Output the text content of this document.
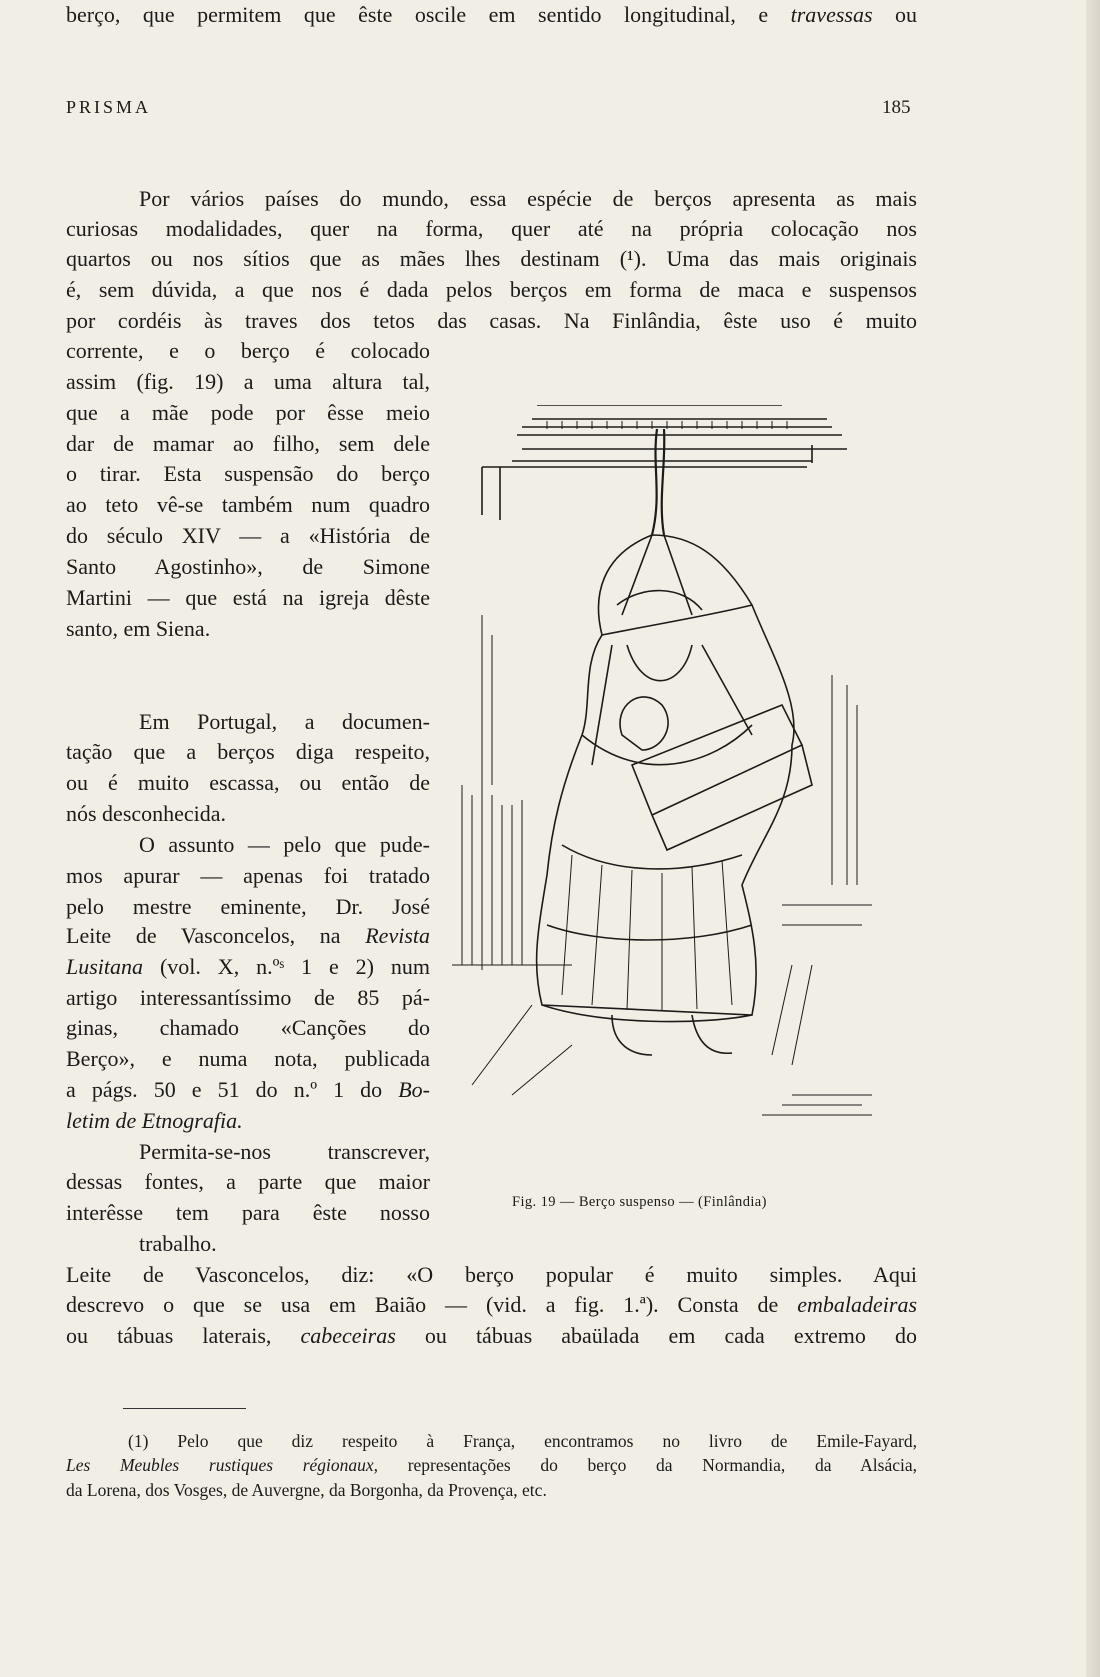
PRISMA	185
Por vários países do mundo, essa espécie de berços apresenta as mais
curiosas modalidades, quer na forma, quer até na própria colocação nos
quartos ou nos sítios que as mães lhes destinam (¹). Uma das mais originais
é, sem dúvida, a que nos é dada pelos berços em forma de maca e suspensos
por cordéis às traves dos tetos das casas. Na Finlândia, êste uso é muito
corrente, e o berço é colocado
assim (fig. 19) a uma altura tal,
que a mãe pode por êsse meio
dar de mamar ao filho, sem dele
o tirar. Esta suspensão do berço
ao teto vê-se também num quadro
do século XIV — a «História de
Santo Agostinho», de Simone
Martini — que está na igreja dêste
santo, em Siena.
Em Portugal, a documen-
tação que a berços diga respeito,
ou é muito escassa, ou então de
nós desconhecida.
O assunto — pelo que pude-
mos apurar — apenas foi tratado
pelo mestre eminente, Dr. José
Leite de Vasconcelos, na Revista
Lusitana (vol. X, n.ºˢ 1 e 2) num
artigo interessantíssimo de 85 pá-
ginas, chamado «Canções do
Berço», e numa nota, publicada
a págs. 50 e 51 do n.º 1 do Bo-
letim de Etnografia.
Permita-se-nos transcrever,
dessas fontes, a parte que maior
interêsse tem para êste nosso
trabalho.
Leite de Vasconcelos, diz: «O berço popular é muito simples. Aqui
descrevo o que se usa em Baião — (vid. a fig. 1.ª). Consta de embaladeiras
ou tábuas laterais, cabeceiras ou tábuas abaülada em cada extremo do
berço, que permitem que êste oscile em sentido longitudinal, e travessas ou
Fig. 19 — Berço suspenso — (Finlândia)
(1) Pelo que diz respeito à França, encontramos no livro de Emile-Fayard,
Les Meubles rustiques régionaux, representações do berço da Normandia, da Alsácia,
da Lorena, dos Vosges, de Auvergne, da Borgonha, da Provença, etc.
